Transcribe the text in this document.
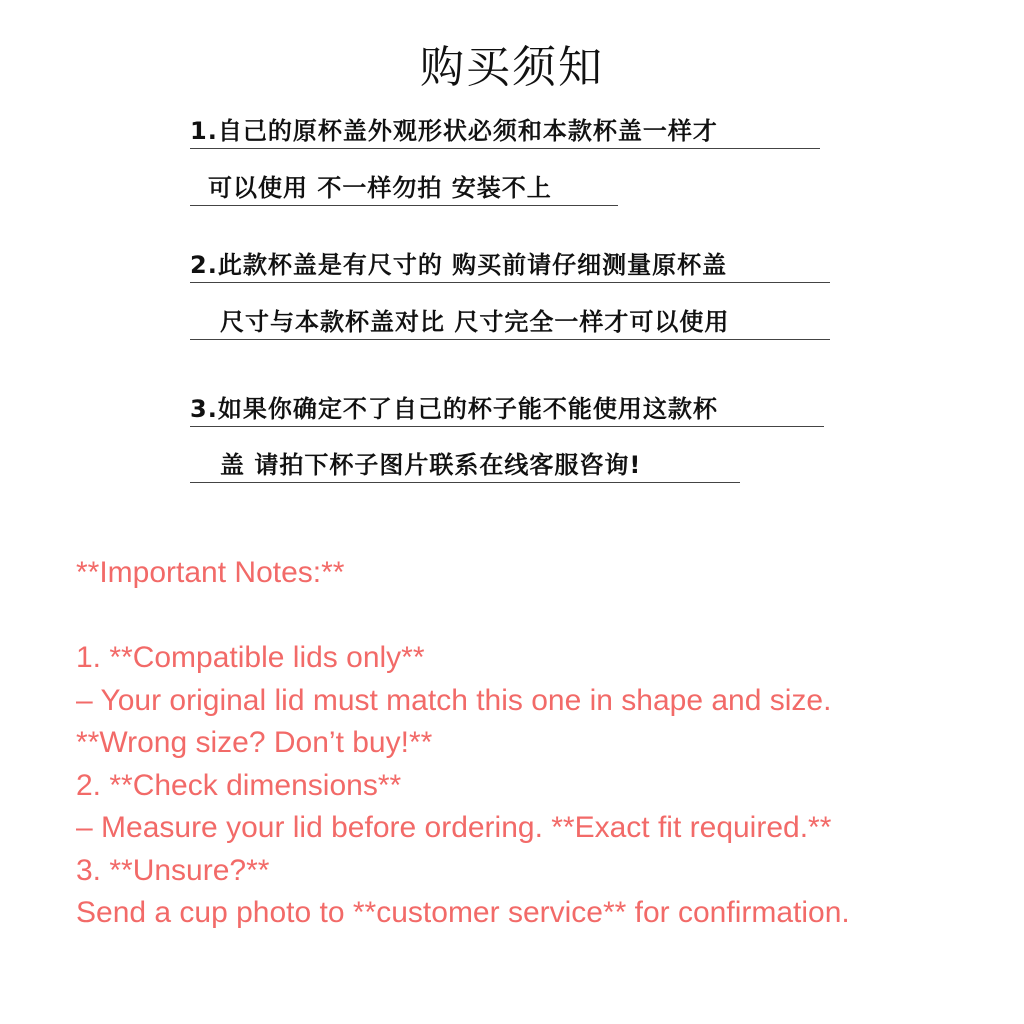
购买须知
1.自己的原杯盖外观形状必须和本款杯盖一样才
可以使用 不一样勿拍 安装不上
2.此款杯盖是有尺寸的 购买前请仔细测量原杯盖
尺寸与本款杯盖对比 尺寸完全一样才可以使用
3.如果你确定不了自己的杯子能不能使用这款杯
盖 请拍下杯子图片联系在线客服咨询!
**Important Notes:**
1. **Compatible lids only**
– Your original lid must match this one in shape and size.
**Wrong size? Don’t buy!**
2. **Check dimensions**
– Measure your lid before ordering. **Exact fit required.**
3. **Unsure?**
Send a cup photo to **customer service** for confirmation.
